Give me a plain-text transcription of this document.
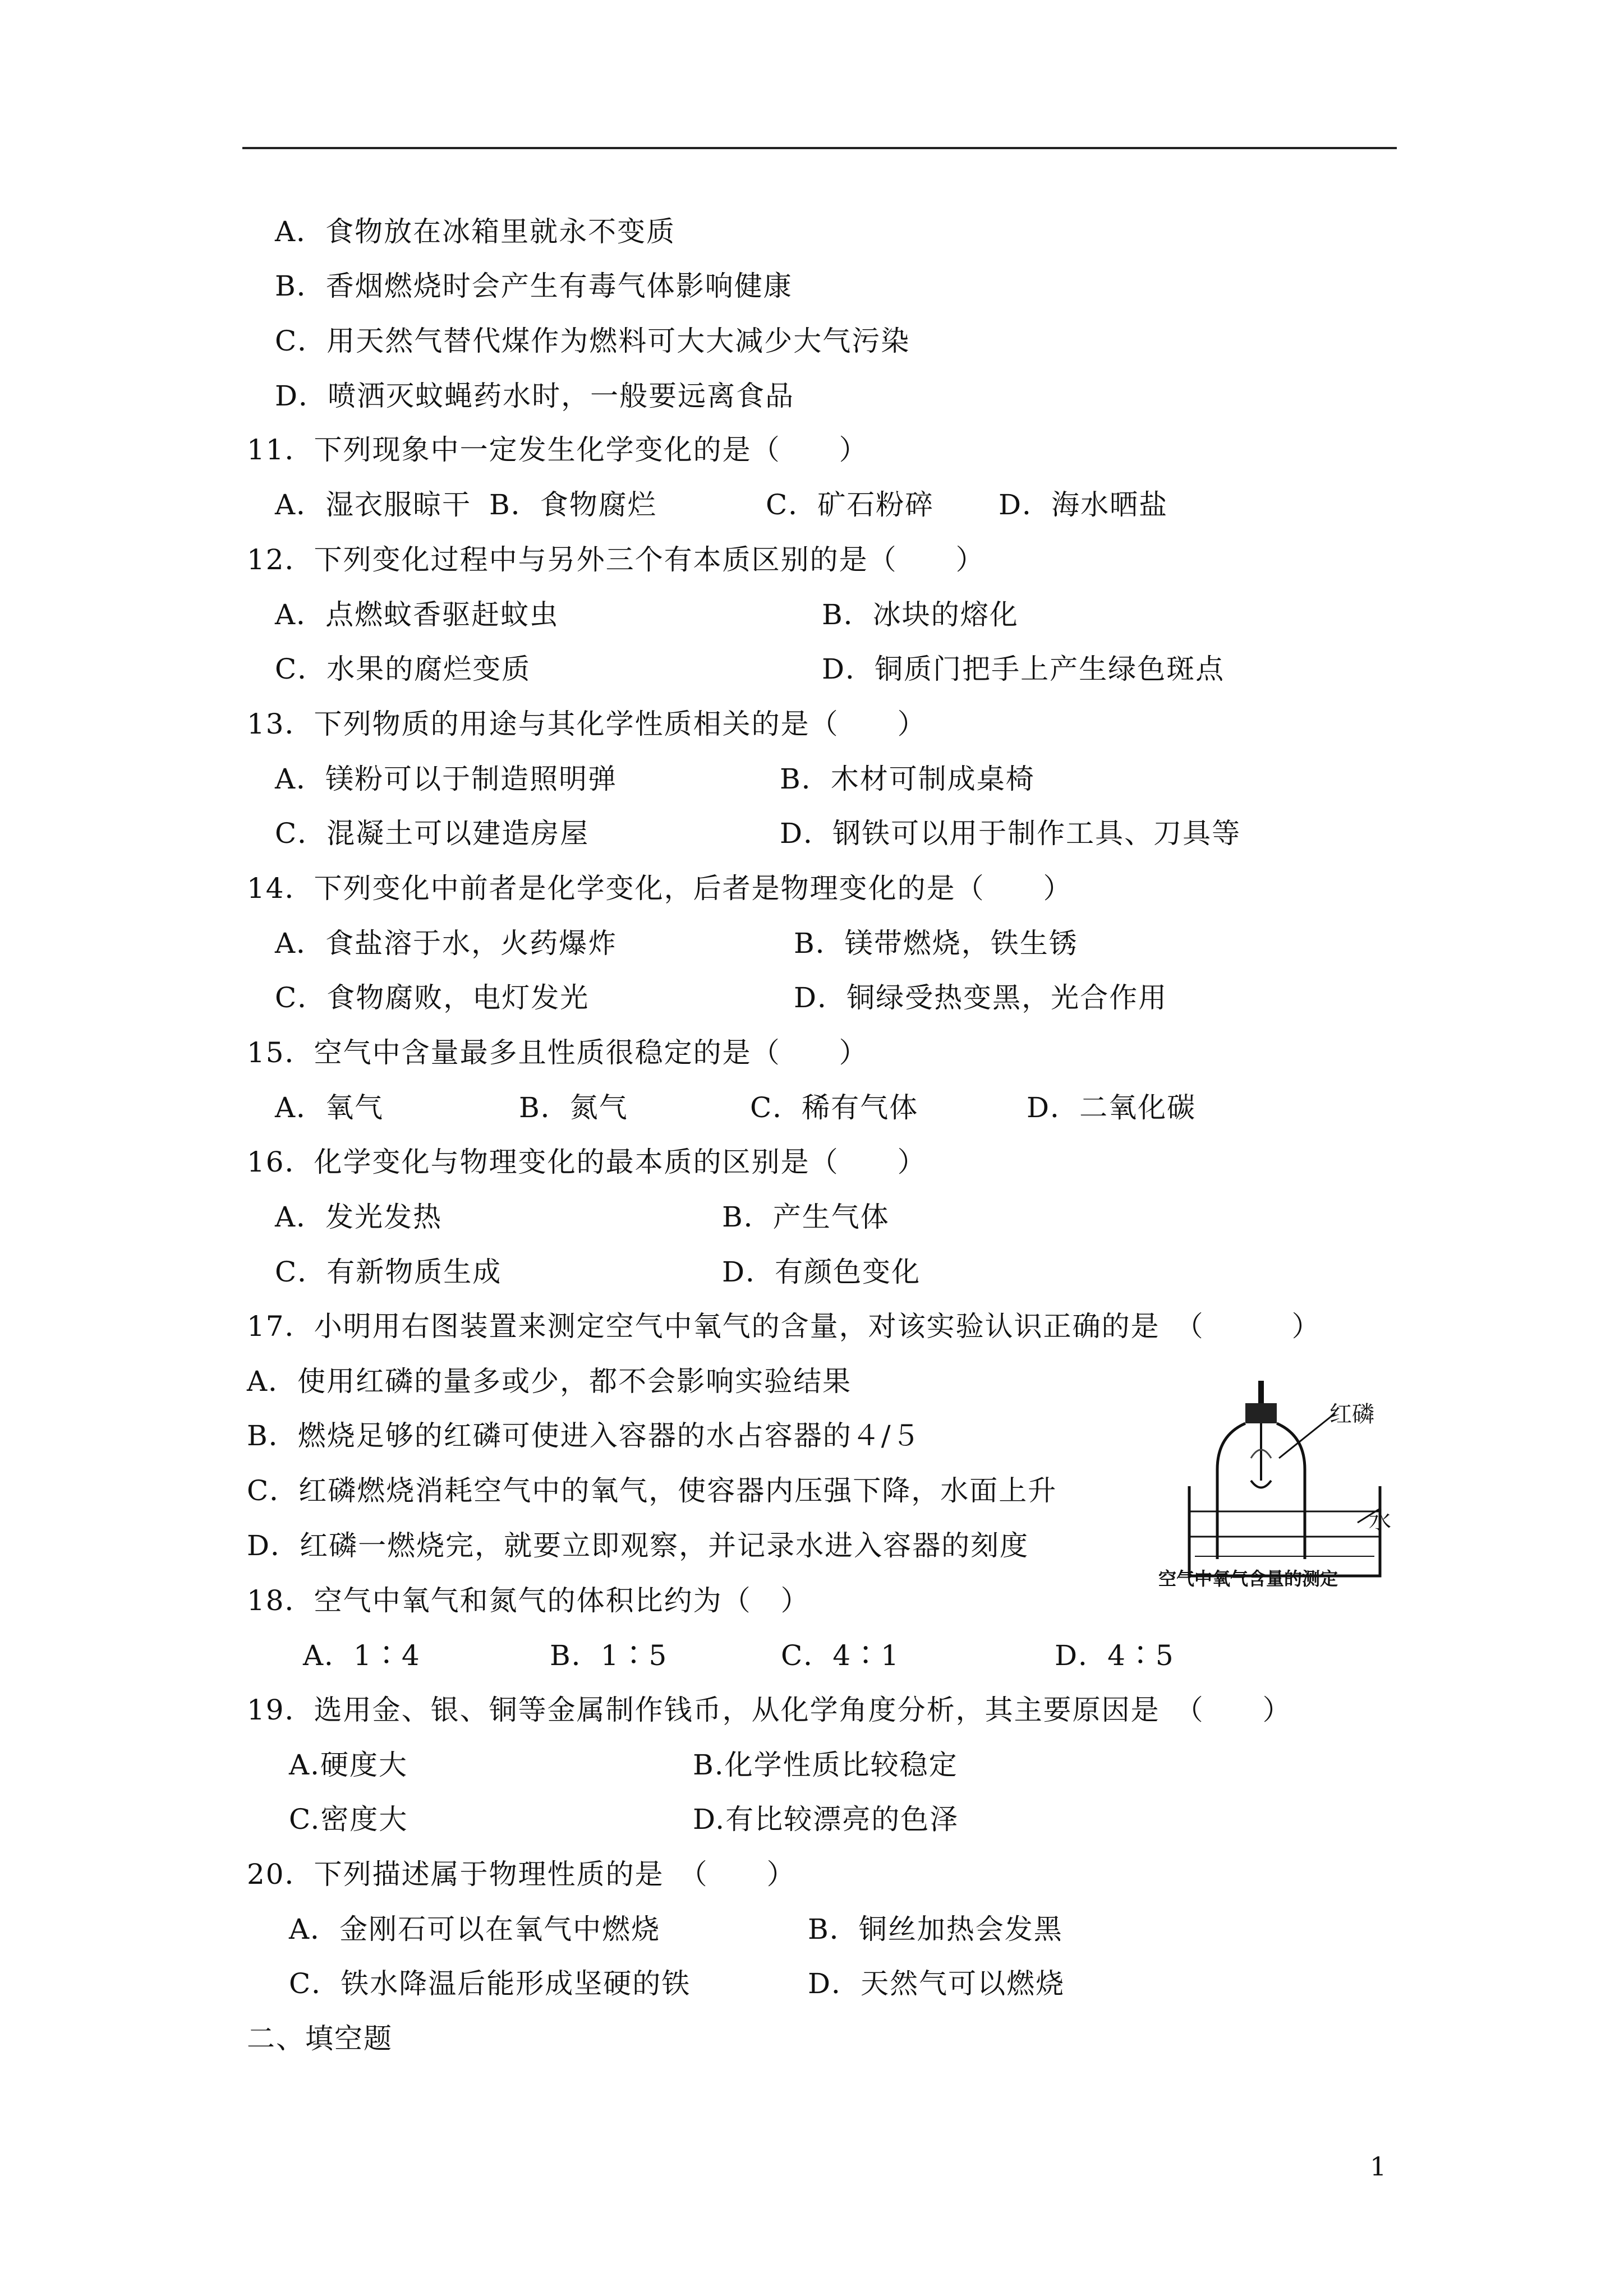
A．食物放在冰箱里就永不变质
B．香烟燃烧时会产生有毒气体影响健康
C．用天然气替代煤作为燃料可大大减少大气污染
D．喷洒灭蚊蝇药水时，一般要远离食品
11．下列现象中一定发生化学变化的是（　　）
A．湿衣服晾干 B．食物腐烂	C．矿石粉碎 D．海水晒盐
12．下列变化过程中与另外三个有本质区别的是（　　）
A．点燃蚊香驱赶蚊虫	B．冰块的熔化
C．水果的腐烂变质	D．铜质门把手上产生绿色斑点
13．下列物质的用途与其化学性质相关的是（　　）
A．镁粉可以于制造照明弹	B．木材可制成桌椅
C．混凝土可以建造房屋	D．钢铁可以用于制作工具、刀具等
14．下列变化中前者是化学变化，后者是物理变化的是（　　）
A．食盐溶于水，火药爆炸	B．镁带燃烧，铁生锈
C．食物腐败，电灯发光	D．铜绿受热变黑，光合作用
15．空气中含量最多且性质很稳定的是（　　）
A．氧气	B．氮气	C．稀有气体	D．二氧化碳
16．化学变化与物理变化的最本质的区别是（　　）
A．发光发热	B．产生气体
C．有新物质生成	D．有颜色变化
17．小明用右图装置来测定空气中氧气的含量，对该实验认识正确的是　（　　　）
A．使用红磷的量多或少，都不会影响实验结果
B．燃烧足够的红磷可使进入容器的水占容器的４/５
C．红磷燃烧消耗空气中的氧气，使容器内压强下降，水面上升
D．红磷一燃烧完，就要立即观察，并记录水进入容器的刻度
红磷
水
空气中氧气含量的测定
18．空气中氧气和氮气的体积比约为（　）
A．1∶4	B．1∶5	C．4∶1	D．4∶5
19．选用金、银、铜等金属制作钱币，从化学角度分析，其主要原因是　（　　）
A.硬度大	B.化学性质比较稳定
C.密度大	D.有比较漂亮的色泽
20．下列描述属于物理性质的是　（　　）
A．金刚石可以在氧气中燃烧	B．铜丝加热会发黑
C．铁水降温后能形成坚硬的铁	D．天然气可以燃烧
二、填空题
1
